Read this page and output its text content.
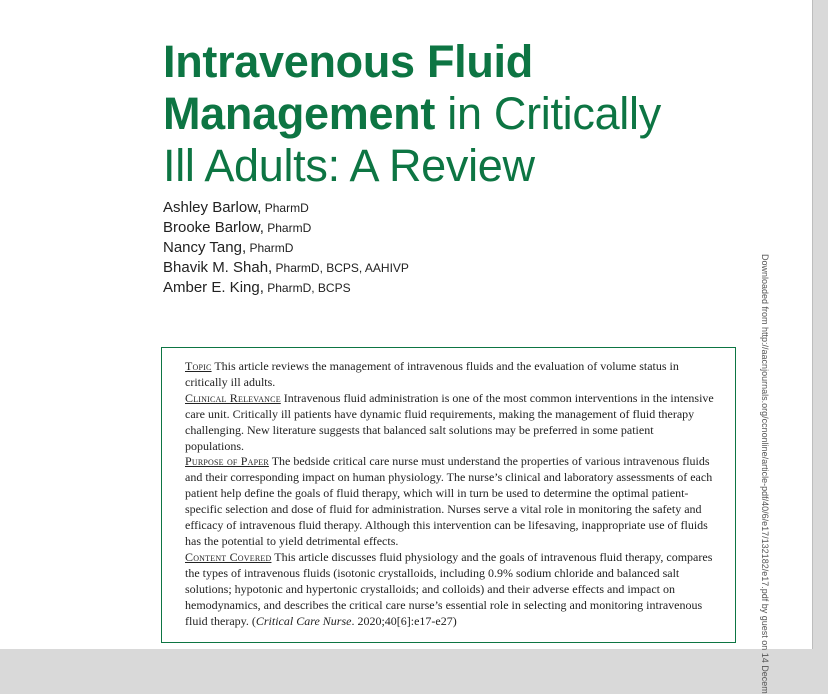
Intravenous Fluid
Management in Critically
Ill Adults: A Review
Ashley Barlow, PharmD
Brooke Barlow, PharmD
Nancy Tang, PharmD
Bhavik M. Shah, PharmD, BCPS, AAHIVP
Amber E. King, PharmD, BCPS	Downloaded from http://aacnjournals.org/ccnonline/article-pdf/40/6/e17/132182/e17.pdf by guest on 14 Decem

Topic This article reviews the management of intravenous fluids and the evaluation of volume status in critically ill adults.

Clinical Relevance Intravenous fluid administration is one of the most common interventions in the intensive care unit. Critically ill patients have dynamic fluid requirements, making the management of fluid therapy challenging. New literature suggests that balanced salt solutions may be preferred in some patient populations.

Purpose of Paper The bedside critical care nurse must understand the properties of various intravenous fluids and their corresponding impact on human physiology. The nurse’s clinical and laboratory assessments of each patient help define the goals of fluid therapy, which will in turn be used to determine the optimal patient-specific selection and dose of fluid for administration. Nurses serve a vital role in monitoring the safety and efficacy of intravenous fluid therapy. Although this intervention can be lifesaving, inappropriate use of fluids has the potential to yield detrimental effects.

Content Covered This article discusses fluid physiology and the goals of intravenous fluid therapy, compares the types of intravenous fluids (isotonic crystalloids, including 0.9% sodium chloride and balanced salt solutions; hypotonic and hypertonic crystalloids; and colloids) and their adverse effects and impact on hemodynamics, and describes the critical care nurse’s essential role in selecting and monitoring intravenous fluid therapy. (Critical Care Nurse. 2020;40[6]:e17-e27)
